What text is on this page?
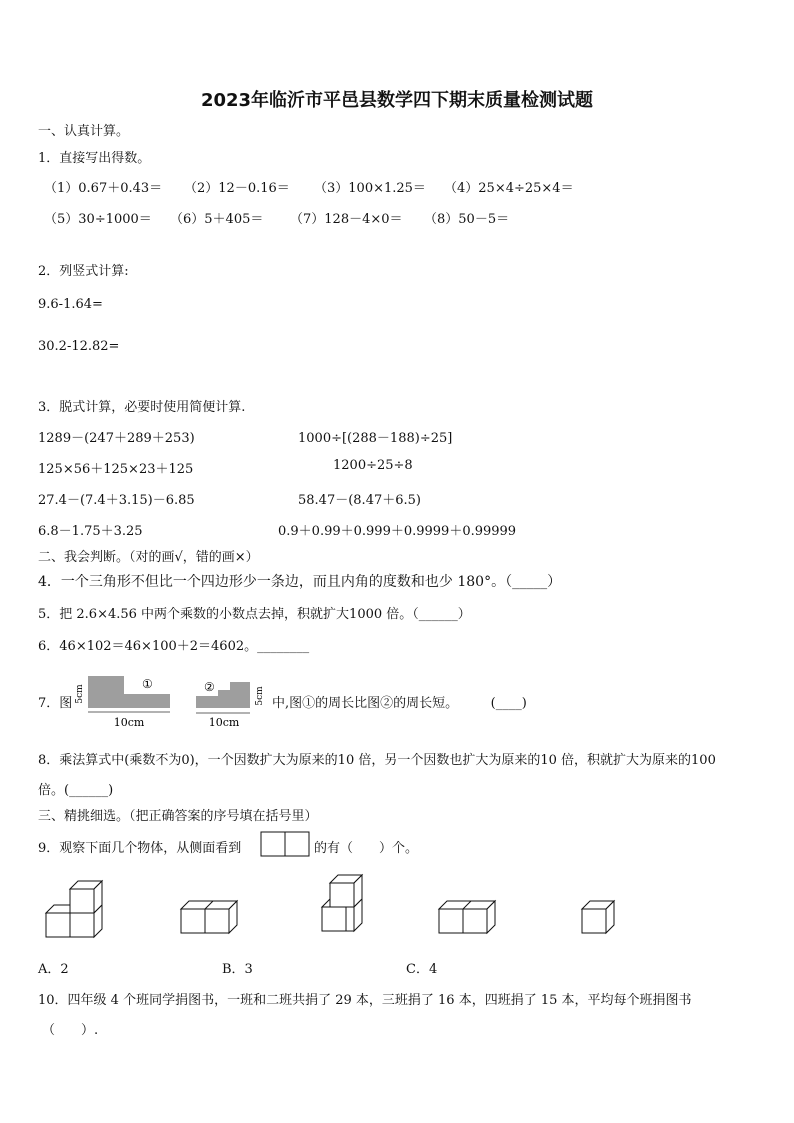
2023年临沂市平邑县数学四下期末质量检测试题
一、认真计算。
1．直接写出得数。
（1）0.67＋0.43＝ （2）12－0.16＝ （3）100×1.25＝ （4）25×4÷25×4＝
（5）30÷1000＝ （6）5＋405＝ （7）128－4×0＝ （8）50－5＝
2．列竖式计算:
9.6-1.64=
30.2-12.82=
3．脱式计算，必要时使用简便计算.
1289－(247＋289＋253)	1000÷[(288－188)÷25]
125×56＋125×23＋125	1200÷25÷8
27.4－(7.4＋3.15)－6.85	58.47－(8.47＋6.5)
6.8－1.75＋3.25	0.9＋0.99＋0.999＋0.9999＋0.99999
二、我会判断。（对的画√，错的画×）
4．一个三角形不但比一个四边形少一条边，而且内角的度数和也少 180°。（_____）
5．把 2.6×4.56 中两个乘数的小数点去掉，积就扩大1000 倍。（______）
6．46×102＝46×100＋2＝4602。________
7．图 5cm
①
10cm
②	5cm
10cm
中,图①的周长比图②的周长短。　　　(____)
8．乘法算式中(乘数不为0)，一个因数扩大为原来的10 倍，另一个因数也扩大为原来的10 倍，积就扩大为原来的100
倍。(______)
三、精挑细选。（把正确答案的序号填在括号里）
9．观察下面几个物体，从侧面看到	的有（　　）个。
A．2	B．3	C．4
10．四年级 4 个班同学捐图书，一班和二班共捐了 29 本，三班捐了 16 本，四班捐了 15 本，平均每个班捐图书
（　　）.
